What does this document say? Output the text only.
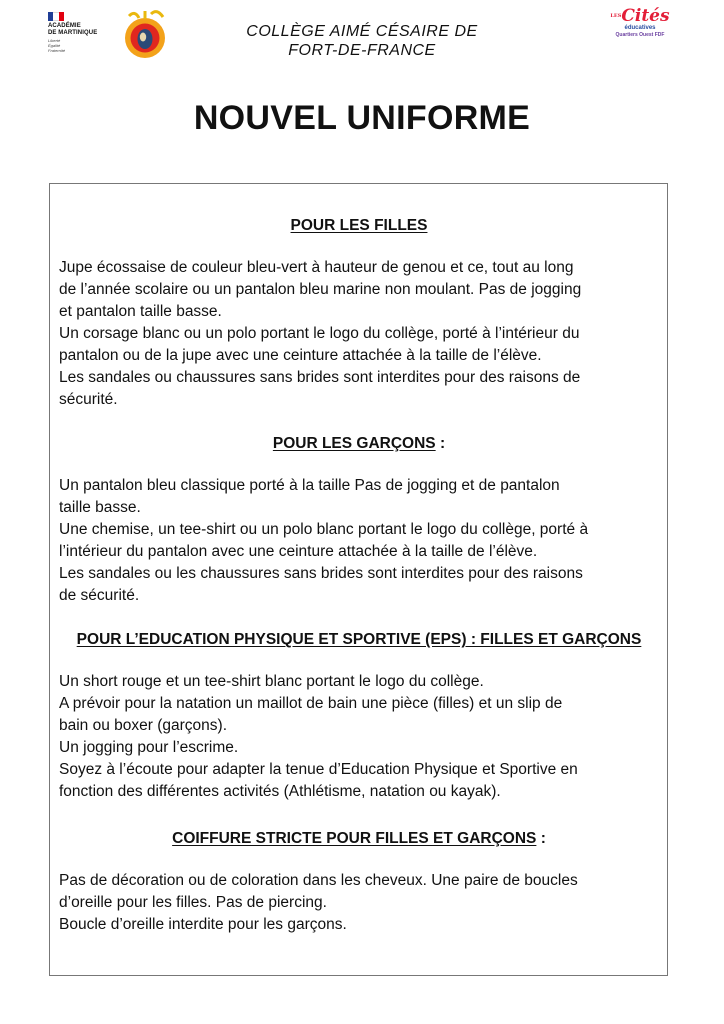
ACADÉMIE
DE MARTINIQUE
Liberté
Égalité
Fraternité
COLLÈGE AIMÉ CÉSAIRE DE
FORT-DE-FRANCE
$^{LES}$Cités
éducatives
Quartiers Ouest FDF
NOUVEL UNIFORME
POUR LES FILLES

Jupe écossaise de couleur bleu-vert à hauteur de genou et ce, tout au long

de l’année scolaire ou un pantalon bleu marine non moulant. Pas de jogging

et pantalon taille basse.

Un corsage blanc ou un polo portant le logo du collège, porté à l’intérieur du

pantalon ou de la jupe avec une ceinture attachée à la taille de l’élève.

Les sandales ou chaussures sans brides sont interdites pour des raisons de

sécurité.

POUR LES GARÇONS :

Un pantalon bleu classique porté à la taille Pas de jogging et de pantalon

taille basse.

Une chemise, un tee-shirt ou un polo blanc portant le logo du collège, porté à

l’intérieur du pantalon avec une ceinture attachée à la taille de l’élève.

Les sandales ou les chaussures sans brides sont interdites pour des raisons

de sécurité.

POUR L’EDUCATION PHYSIQUE ET SPORTIVE (EPS) : FILLES ET GARÇONS

Un short rouge et un tee-shirt blanc portant le logo du collège.

A prévoir pour la natation un maillot de bain une pièce (filles) et un slip de

bain ou boxer (garçons).

Un jogging pour l’escrime.

Soyez à l’écoute pour adapter la tenue d’Education Physique et Sportive en

fonction des différentes activités (Athlétisme, natation ou kayak).

COIFFURE STRICTE POUR FILLES ET GARÇONS :

Pas de décoration ou de coloration dans les cheveux. Une paire de boucles

d’oreille pour les filles. Pas de piercing.

Boucle d’oreille interdite pour les garçons.
